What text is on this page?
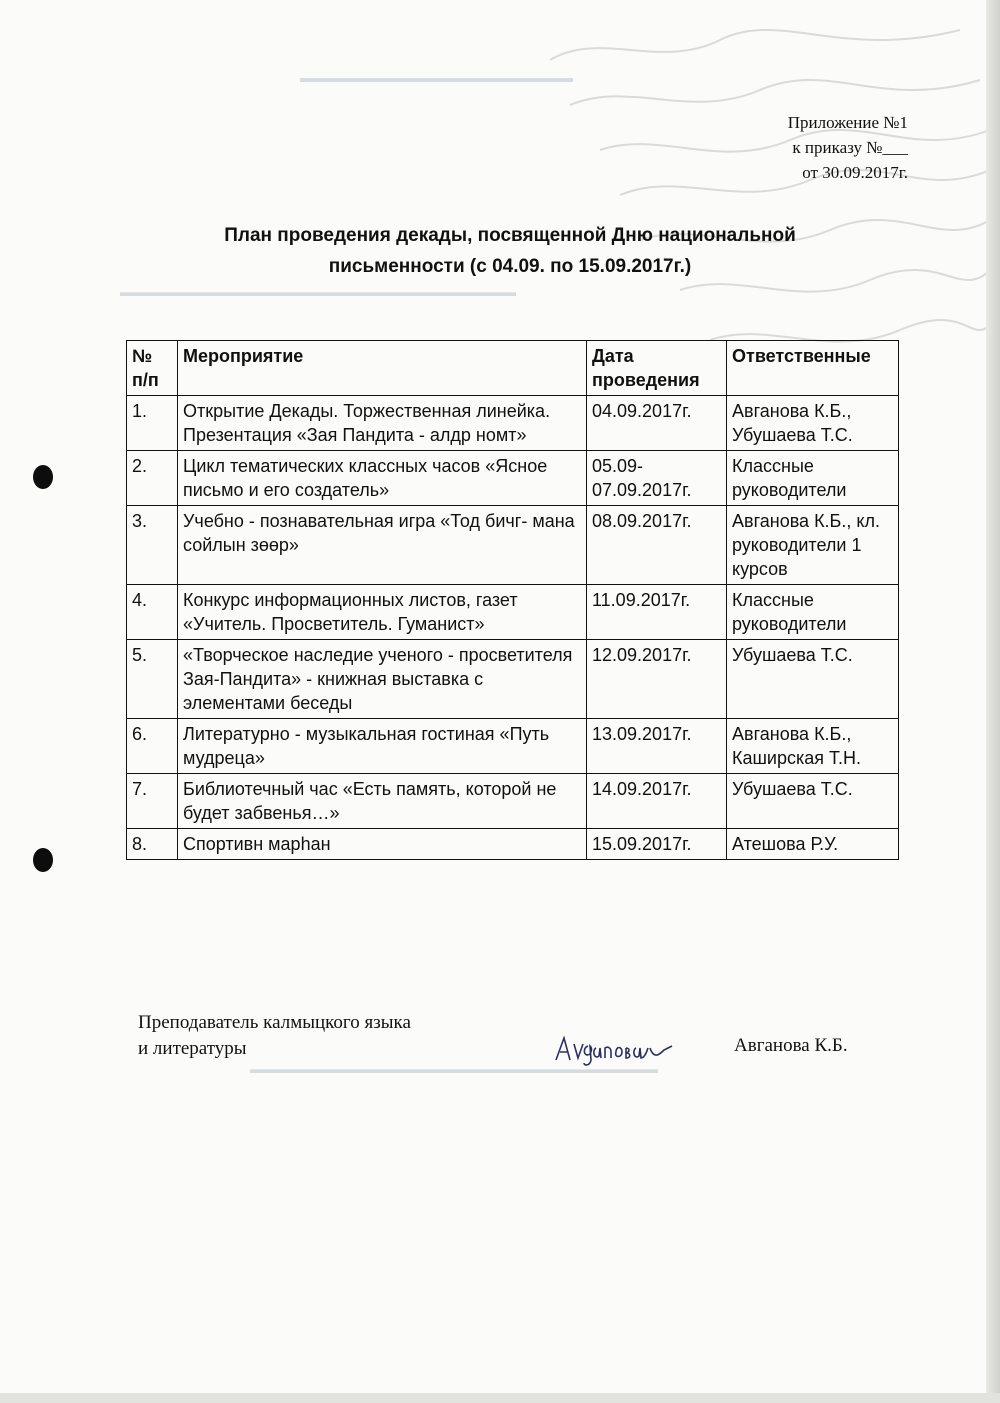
▬▬▬▬▬▬▬▬▬▬▬▬▬▬▬▬▬▬▬▬▬
▬▬▬▬▬▬▬▬▬▬▬▬▬▬▬▬▬▬▬▬▬▬▬▬▬▬▬▬▬▬▬▬▬
▬▬▬▬▬▬▬▬▬▬▬▬▬▬▬▬▬▬▬▬▬▬▬▬▬▬▬▬▬▬▬▬▬▬
Приложение №1
к приказу №___
от 30.09.2017г.
План проведения декады, посвященной Дню национальной
письменности (с 04.09. по 15.09.2017г.)
№ п/п	Мероприятие	Дата проведения	Ответственные
1.	Открытие Декады. Торжественная линейка. Презентация «Зая Пандита - алдр номт»	04.09.2017г.	Авганова К.Б., Убушаева Т.С.
2.	Цикл тематических классных часов «Ясное письмо и его создатель»	05.09-07.09.2017г.	Классные руководители
3.	Учебно - познавательная игра «Тод бичг- мана сойлын зөөр»	08.09.2017г.	Авганова К.Б., кл. руководители 1 курсов
4.	Конкурс информационных листов, газет «Учитель. Просветитель. Гуманист»	11.09.2017г.	Классные руководители
5.	«Творческое наследие ученого - просветителя Зая-Пандита» - книжная выставка с элементами беседы	12.09.2017г.	Убушаева Т.С.
6.	Литературно - музыкальная гостиная «Путь мудреца»	13.09.2017г.	Авганова К.Б., Каширская Т.Н.
7.	Библиотечный час «Есть память, которой не будет забвенья…»	14.09.2017г.	Убушаева Т.С.
8.	Спортивн марһан	15.09.2017г.	Атешова Р.У.
Преподаватель калмыцкого языка
и литературы	Авганова К.Б.
